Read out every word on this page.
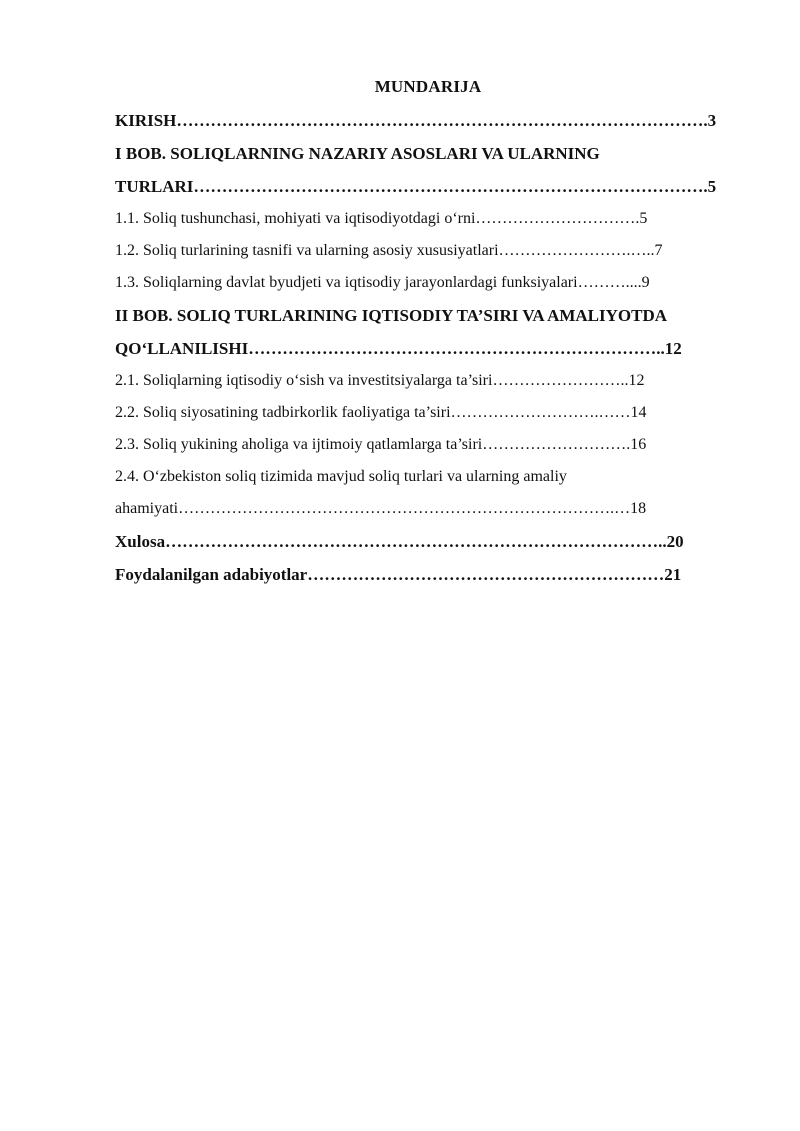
MUNDARIJA
KIRISH………………………………………………………………………………….3
I BOB. SOLIQLARNING NAZARIY ASOSLARI VA ULARNING
TURLARI……………………………………………………………………………….5
1.1. Soliq tushunchasi, mohiyati va iqtisodiyotdagi o‘rni………………………….5
1.2. Soliq turlarining tasnifi va ularning asosiy xususiyatlari…………………….…..7
1.3. Soliqlarning davlat byudjeti va iqtisodiy jarayonlardagi funksiyalari………....9
II BOB. SOLIQ TURLARINING IQTISODIY TA’SIRI VA AMALIYOTDA
QO‘LLANILISHI………………………………………………………………..12
2.1. Soliqlarning iqtisodiy o‘sish va investitsiyalarga ta’siri……………………..12
2.2. Soliq siyosatining tadbirkorlik faoliyatiga ta’siri……………………….……14
2.3. Soliq yukining aholiga va ijtimoiy qatlamlarga ta’siri……………………….16
2.4. O‘zbekiston soliq tizimida mavjud soliq turlari va ularning amaliy
ahamiyati……………………………………………………………………….…18
Xulosa……………………………………………………………………………..20
Foydalanilgan adabiyotlar………………………………………………………21
